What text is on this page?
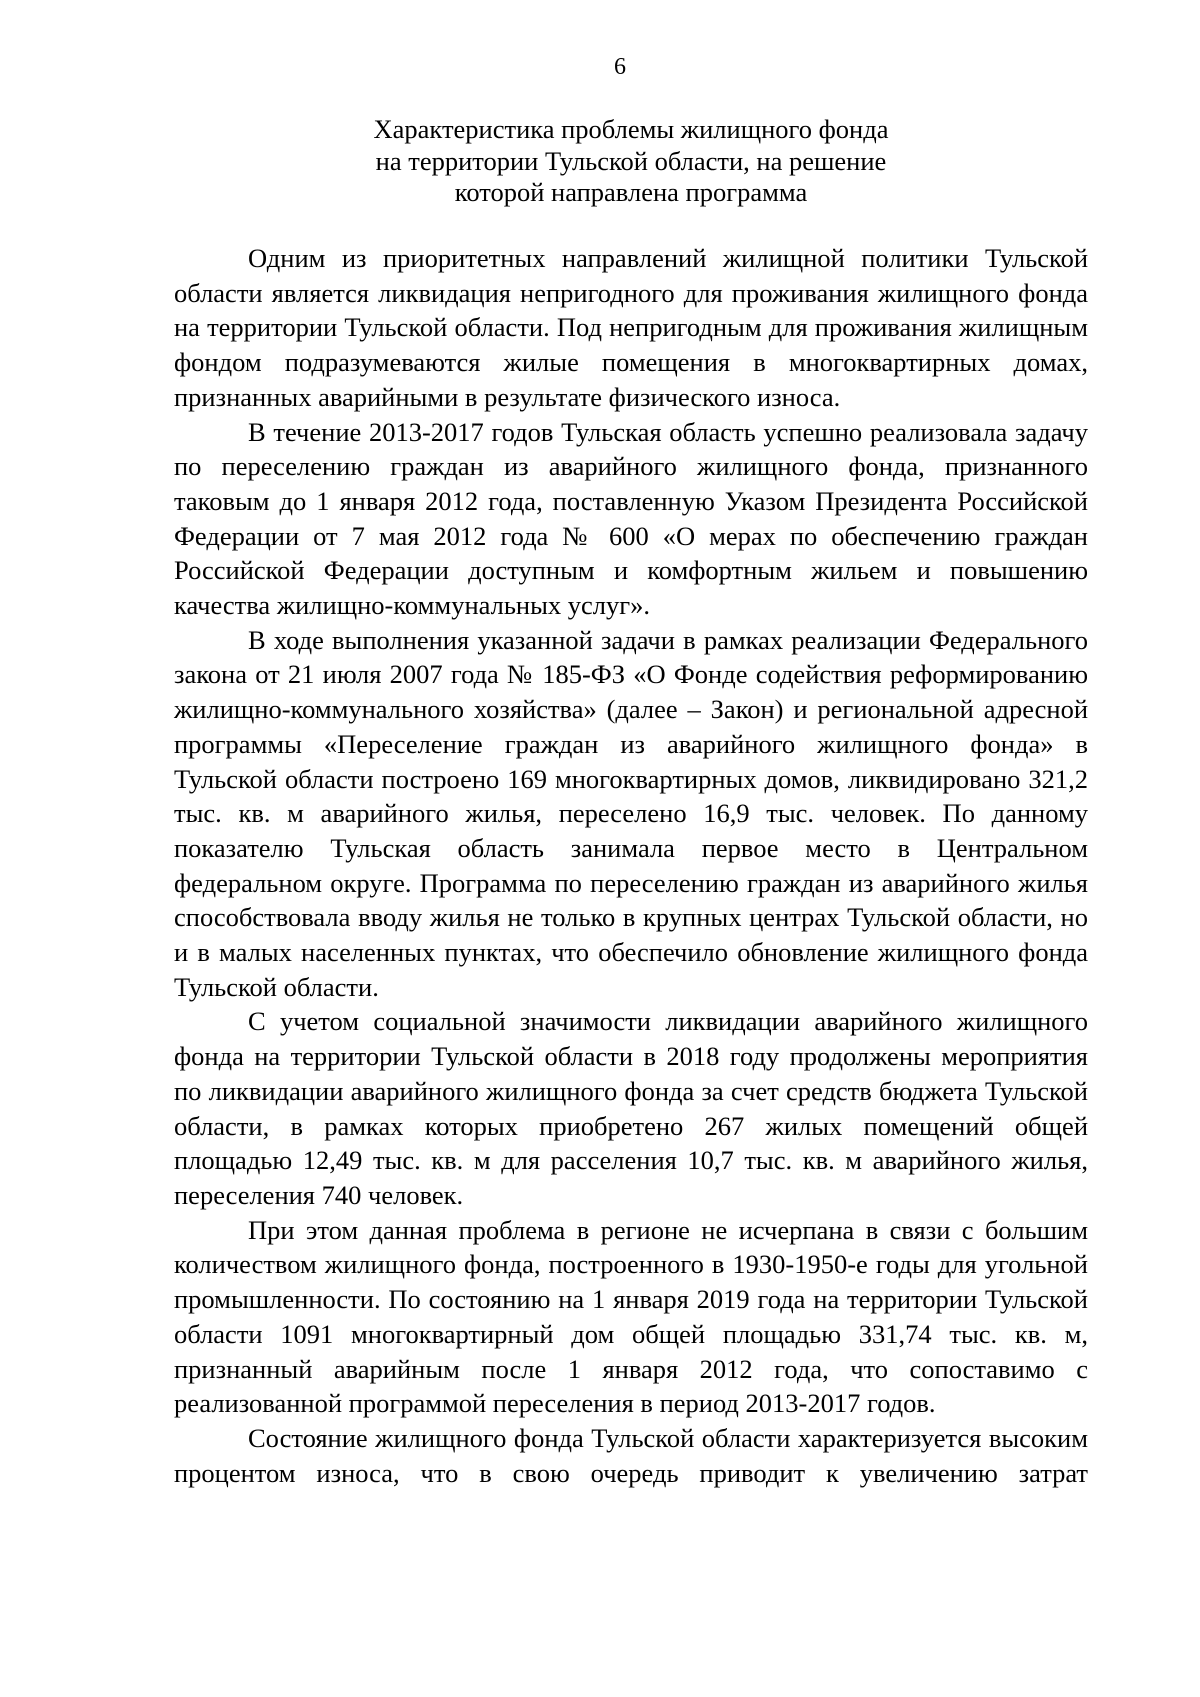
6
Характеристика проблемы жилищного фонда
на территории Тульской области, на решение
которой направлена программа

Одним из приоритетных направлений жилищной политики Тульской области является ликвидация непригодного для проживания жилищного фонда на территории Тульской области. Под непригодным для проживания жилищным фондом подразумеваются жилые помещения в многоквартирных домах, признанных аварийными в результате физического износа.

В течение 2013-2017 годов Тульская область успешно реализовала задачу по переселению граждан из аварийного жилищного фонда, признанного таковым до 1 января 2012 года, поставленную Указом Президента Российской Федерации от 7 мая 2012 года № 600 «О мерах по обеспечению граждан Российской Федерации доступным и комфортным жильем и повышению качества жилищно-коммунальных услуг».

В ходе выполнения указанной задачи в рамках реализации Федерального закона от 21 июля 2007 года № 185-ФЗ «О Фонде содействия реформированию жилищно-коммунального хозяйства» (далее – Закон) и региональной адресной программы «Переселение граждан из аварийного жилищного фонда» в Тульской области построено 169 многоквартирных домов, ликвидировано 321,2 тыс. кв. м аварийного жилья, переселено 16,9 тыс. человек. По данному показателю Тульская область занимала первое место в Центральном федеральном округе. Программа по переселению граждан из аварийного жилья способствовала вводу жилья не только в крупных центрах Тульской области, но и в малых населенных пунктах, что обеспечило обновление жилищного фонда Тульской области.

С учетом социальной значимости ликвидации аварийного жилищного фонда на территории Тульской области в 2018 году продолжены мероприятия по ликвидации аварийного жилищного фонда за счет средств бюджета Тульской области, в рамках которых приобретено 267 жилых помещений общей площадью 12,49 тыс. кв. м для расселения 10,7 тыс. кв. м аварийного жилья, переселения 740 человек.

При этом данная проблема в регионе не исчерпана в связи с большим количеством жилищного фонда, построенного в 1930-1950-е годы для угольной промышленности. По состоянию на 1 января 2019 года на территории Тульской области 1091 многоквартирный дом общей площадью 331,74 тыс. кв. м, признанный аварийным после 1 января 2012 года, что сопоставимо с реализованной программой переселения в период 2013-2017 годов.

Состояние жилищного фонда Тульской области характеризуется высоким процентом износа, что в свою очередь приводит к увеличению затрат
